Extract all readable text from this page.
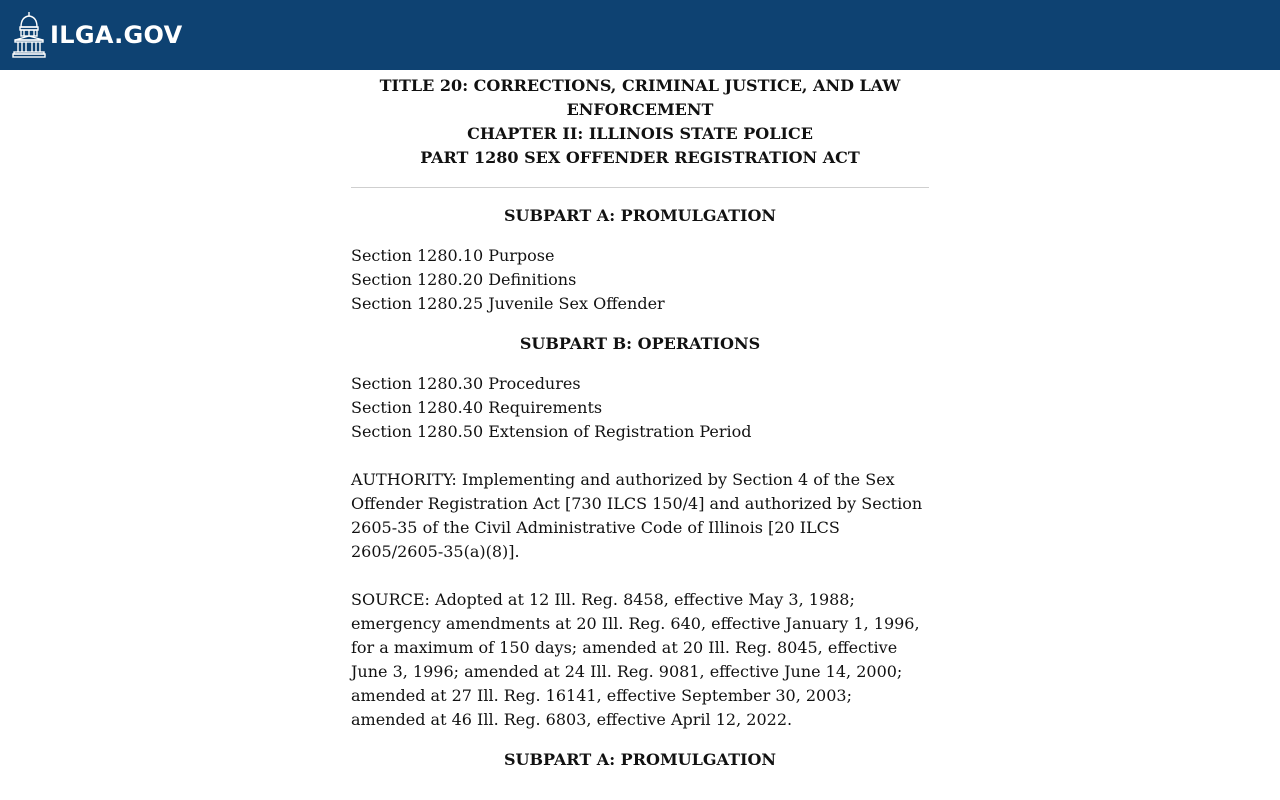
ILGA.GOV
TITLE 20: CORRECTIONS, CRIMINAL JUSTICE, AND LAW
ENFORCEMENT
CHAPTER II: ILLINOIS STATE POLICE
PART 1280 SEX OFFENDER REGISTRATION ACT
SUBPART A: PROMULGATION
Section 1280.10 Purpose
Section 1280.20 Definitions
Section 1280.25 Juvenile Sex Offender
SUBPART B: OPERATIONS
Section 1280.30 Procedures
Section 1280.40 Requirements
Section 1280.50 Extension of Registration Period

AUTHORITY: Implementing and authorized by Section 4 of the Sex Offender Registration Act [730 ILCS 150/4] and authorized by Section 2605-35 of the Civil Administrative Code of Illinois [20 ILCS 2605/2605-35(a)(8)].

SOURCE: Adopted at 12 Ill. Reg. 8458, effective May 3, 1988; emergency amendments at 20 Ill. Reg. 640, effective January 1, 1996, for a maximum of 150 days; amended at 20 Ill. Reg. 8045, effective June 3, 1996; amended at 24 Ill. Reg. 9081, effective June 14, 2000; amended at 27 Ill. Reg. 16141, effective September 30, 2003; amended at 46 Ill. Reg. 6803, effective April 12, 2022.

SUBPART A: PROMULGATION
